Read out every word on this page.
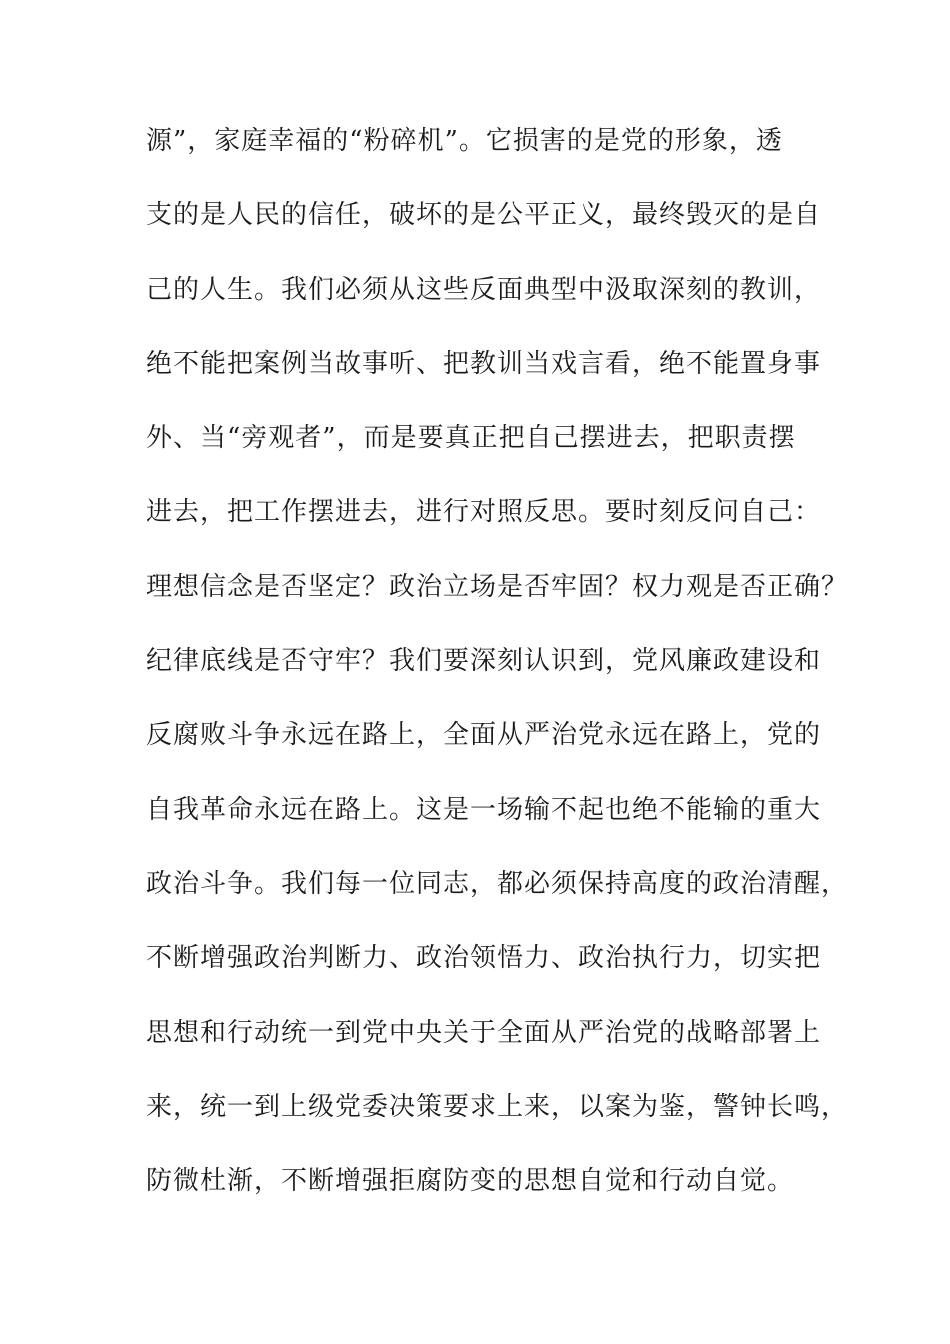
源”，家庭幸福的“粉碎机”。它损害的是党的形象，透
支的是人民的信任，破坏的是公平正义，最终毁灭的是自
己的人生。我们必须从这些反面典型中汲取深刻的教训，
绝不能把案例当故事听、把教训当戏言看，绝不能置身事
外、当“旁观者”，而是要真正把自己摆进去，把职责摆
进去，把工作摆进去，进行对照反思。要时刻反问自己：
理想信念是否坚定？政治立场是否牢固？权力观是否正确？
纪律底线是否守牢？我们要深刻认识到，党风廉政建设和
反腐败斗争永远在路上，全面从严治党永远在路上，党的
自我革命永远在路上。这是一场输不起也绝不能输的重大
政治斗争。我们每一位同志，都必须保持高度的政治清醒，
不断增强政治判断力、政治领悟力、政治执行力，切实把
思想和行动统一到党中央关于全面从严治党的战略部署上
来，统一到上级党委决策要求上来，以案为鉴，警钟长鸣，
防微杜渐，不断增强拒腐防变的思想自觉和行动自觉。
